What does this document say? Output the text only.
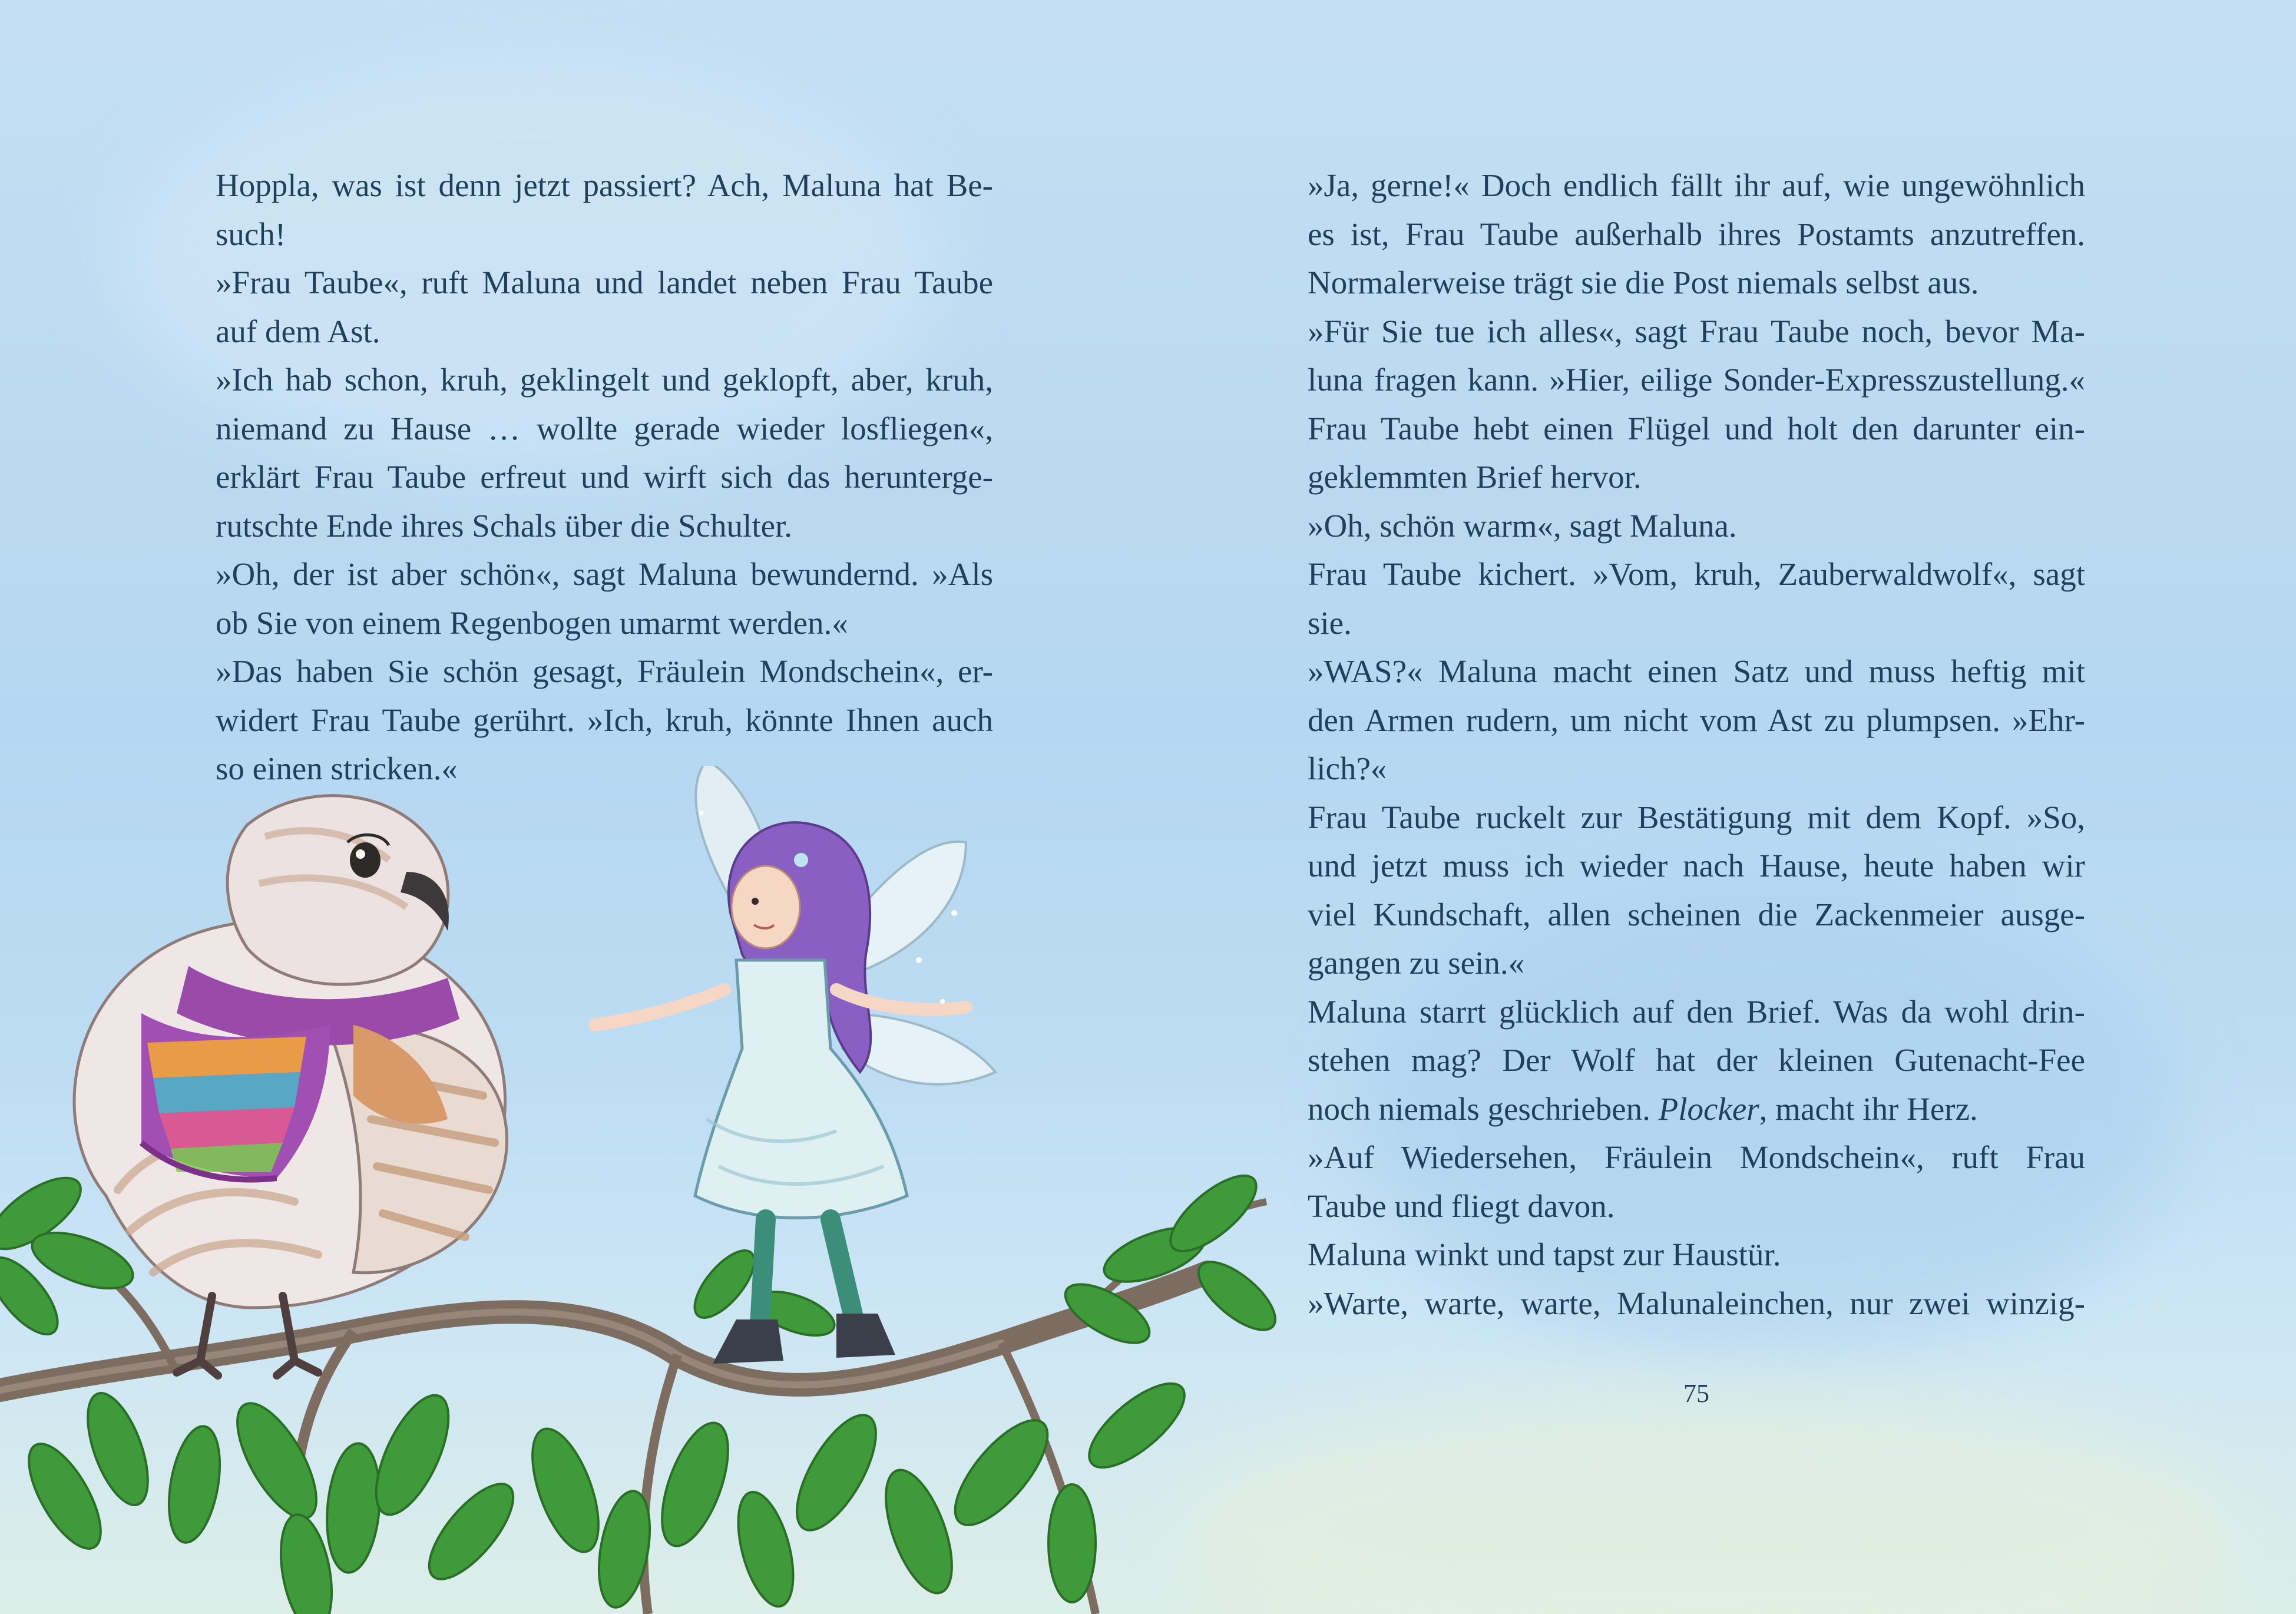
Hoppla, was ist denn jetzt passiert? Ach, Maluna hat Be-
such!
»Frau Taube«, ruft Maluna und landet neben Frau Taube
auf dem Ast.
»Ich hab schon, kruh, geklingelt und geklopft, aber, kruh,
niemand zu Hause … wollte gerade wieder losfliegen«,
erklärt Frau Taube erfreut und wirft sich das herunterge-
rutschte Ende ihres Schals über die Schulter.
»Oh, der ist aber schön«, sagt Maluna bewundernd. »Als
ob Sie von einem Regenbogen umarmt werden.«
»Das haben Sie schön gesagt, Fräulein Mondschein«, er-
widert Frau Taube gerührt. »Ich, kruh, könnte Ihnen auch
so einen stricken.«
»Ja, gerne!« Doch endlich fällt ihr auf, wie ungewöhnlich
es ist, Frau Taube außerhalb ihres Postamts anzutreffen.
Normalerweise trägt sie die Post niemals selbst aus.
»Für Sie tue ich alles«, sagt Frau Taube noch, bevor Ma-
luna fragen kann. »Hier, eilige Sonder-Expresszustellung.«
Frau Taube hebt einen Flügel und holt den darunter ein-
geklemmten Brief hervor.
»Oh, schön warm«, sagt Maluna.
Frau Taube kichert. »Vom, kruh, Zauberwaldwolf«, sagt
sie.
»WAS?« Maluna macht einen Satz und muss heftig mit
den Armen rudern, um nicht vom Ast zu plumpsen. »Ehr-
lich?«
Frau Taube ruckelt zur Bestätigung mit dem Kopf. »So,
und jetzt muss ich wieder nach Hause, heute haben wir
viel Kundschaft, allen scheinen die Zackenmeier ausge-
gangen zu sein.«
Maluna starrt glücklich auf den Brief. Was da wohl drin-
stehen mag? Der Wolf hat der kleinen Gutenacht-Fee
noch niemals geschrieben. Plocker, macht ihr Herz.
»Auf Wiedersehen, Fräulein Mondschein«, ruft Frau
Taube und fliegt davon.
Maluna winkt und tapst zur Haustür.
»Warte, warte, warte, Malunaleinchen, nur zwei winzig-
75
